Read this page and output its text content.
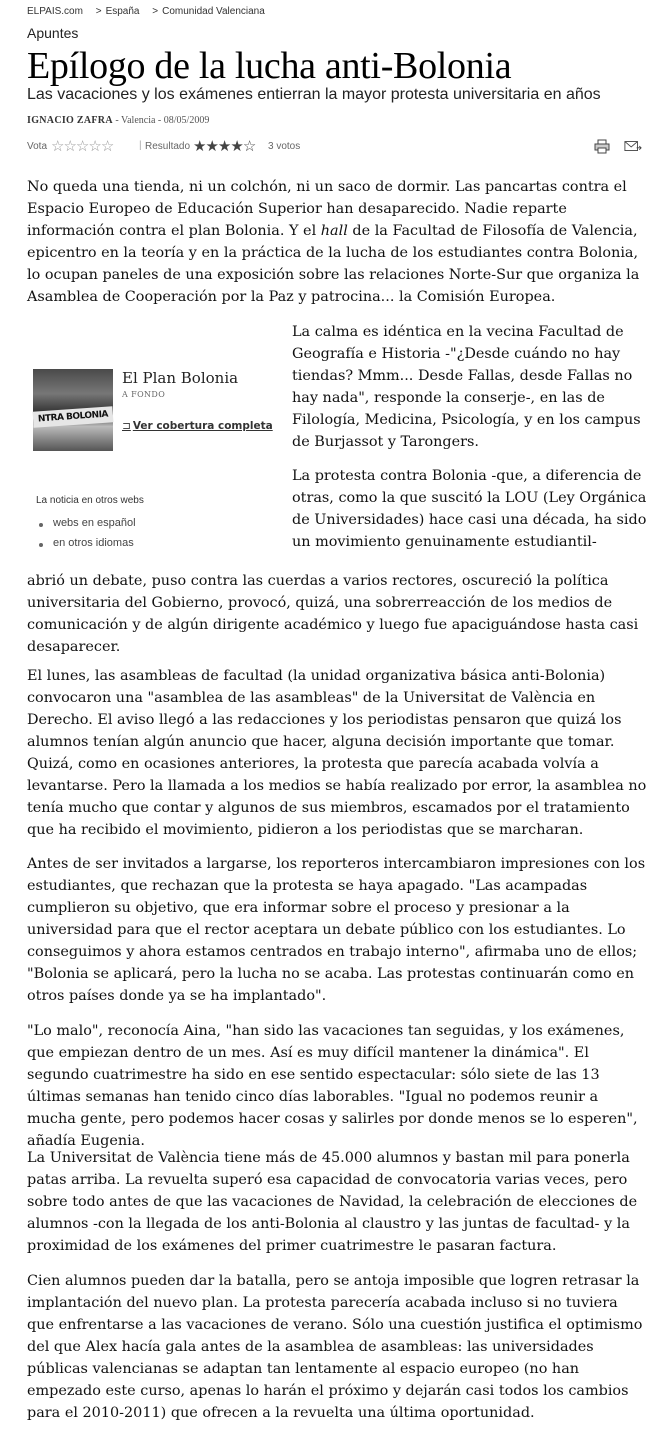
ELPAIS.com > España > Comunidad Valenciana
Apuntes
Epílogo de la lucha anti-Bolonia
Las vacaciones y los exámenes entierran la mayor protesta universitaria en años
IGNACIO ZAFRA - Valencia - 08/05/2009
Vota ☆☆☆☆☆	| Resultado ★★★★☆ 3 votos

No queda una tienda, ni un colchón, ni un saco de dormir. Las pancartas contra el Espacio Europeo de Educación Superior han desaparecido. Nadie reparte información contra el plan Bolonia. Y el hall de la Facultad de Filosofía de Valencia, epicentro en la teoría y en la práctica de la lucha de los estudiantes contra Bolonia, lo ocupan paneles de una exposición sobre las relaciones Norte-Sur que organiza la Asamblea de Cooperación por la Paz y patrocina... la Comisión Europea.

La calma es idéntica en la vecina Facultad de Geografía e Historia -"¿Desde cuándo no hay tiendas? Mmm... Desde Fallas, desde Fallas no hay nada", responde la conserje-, en las de Filología, Medicina, Psicología, y en los campus de Burjassot y Tarongers.

La protesta contra Bolonia -que, a diferencia de otras, como la que suscitó la LOU (Ley Orgánica de Universidades) hace casi una década, ha sido un movimiento genuinamente estudiantil-

abrió un debate, puso contra las cuerdas a varios rectores, oscureció la política universitaria del Gobierno, provocó, quizá, una sobrerreacción de los medios de comunicación y de algún dirigente académico y luego fue apaciguándose hasta casi desaparecer.

El lunes, las asambleas de facultad (la unidad organizativa básica anti-Bolonia) convocaron una "asamblea de las asambleas" de la Universitat de València en Derecho. El aviso llegó a las redacciones y los periodistas pensaron que quizá los alumnos tenían algún anuncio que hacer, alguna decisión importante que tomar. Quizá, como en ocasiones anteriores, la protesta que parecía acabada volvía a levantarse. Pero la llamada a los medios se había realizado por error, la asamblea no tenía mucho que contar y algunos de sus miembros, escamados por el tratamiento que ha recibido el movimiento, pidieron a los periodistas que se marcharan.

Antes de ser invitados a largarse, los reporteros intercambiaron impresiones con los estudiantes, que rechazan que la protesta se haya apagado. "Las acampadas cumplieron su objetivo, que era informar sobre el proceso y presionar a la universidad para que el rector aceptara un debate público con los estudiantes. Lo conseguimos y ahora estamos centrados en trabajo interno", afirmaba uno de ellos; "Bolonia se aplicará, pero la lucha no se acaba. Las protestas continuarán como en otros países donde ya se ha implantado".

"Lo malo", reconocía Aina, "han sido las vacaciones tan seguidas, y los exámenes, que empiezan dentro de un mes. Así es muy difícil mantener la dinámica". El segundo cuatrimestre ha sido en ese sentido espectacular: sólo siete de las 13 últimas semanas han tenido cinco días laborables. "Igual no podemos reunir a mucha gente, pero podemos hacer cosas y salirles por donde menos se lo esperen", añadía Eugenia.

La Universitat de València tiene más de 45.000 alumnos y bastan mil para ponerla patas arriba. La revuelta superó esa capacidad de convocatoria varias veces, pero sobre todo antes de que las vacaciones de Navidad, la celebración de elecciones de alumnos -con la llegada de los anti-Bolonia al claustro y las juntas de facultad- y la proximidad de los exámenes del primer cuatrimestre le pasaran factura.

Cien alumnos pueden dar la batalla, pero se antoja imposible que logren retrasar la implantación del nuevo plan. La protesta parecería acabada incluso si no tuviera que enfrentarse a las vacaciones de verano. Sólo una cuestión justifica el optimismo del que Alex hacía gala antes de la asamblea de asambleas: las universidades públicas valencianas se adaptan tan lentamente al espacio europeo (no han empezado este curso, apenas lo harán el próximo y dejarán casi todos los cambios para el 2010-2011) que ofrecen a la revuelta una última oportunidad.

NTRA BOLONIA
El Plan Bolonia
A FONDO
⊐ Ver cobertura completa
La noticia en otros webs
webs en español
en otros idiomas
